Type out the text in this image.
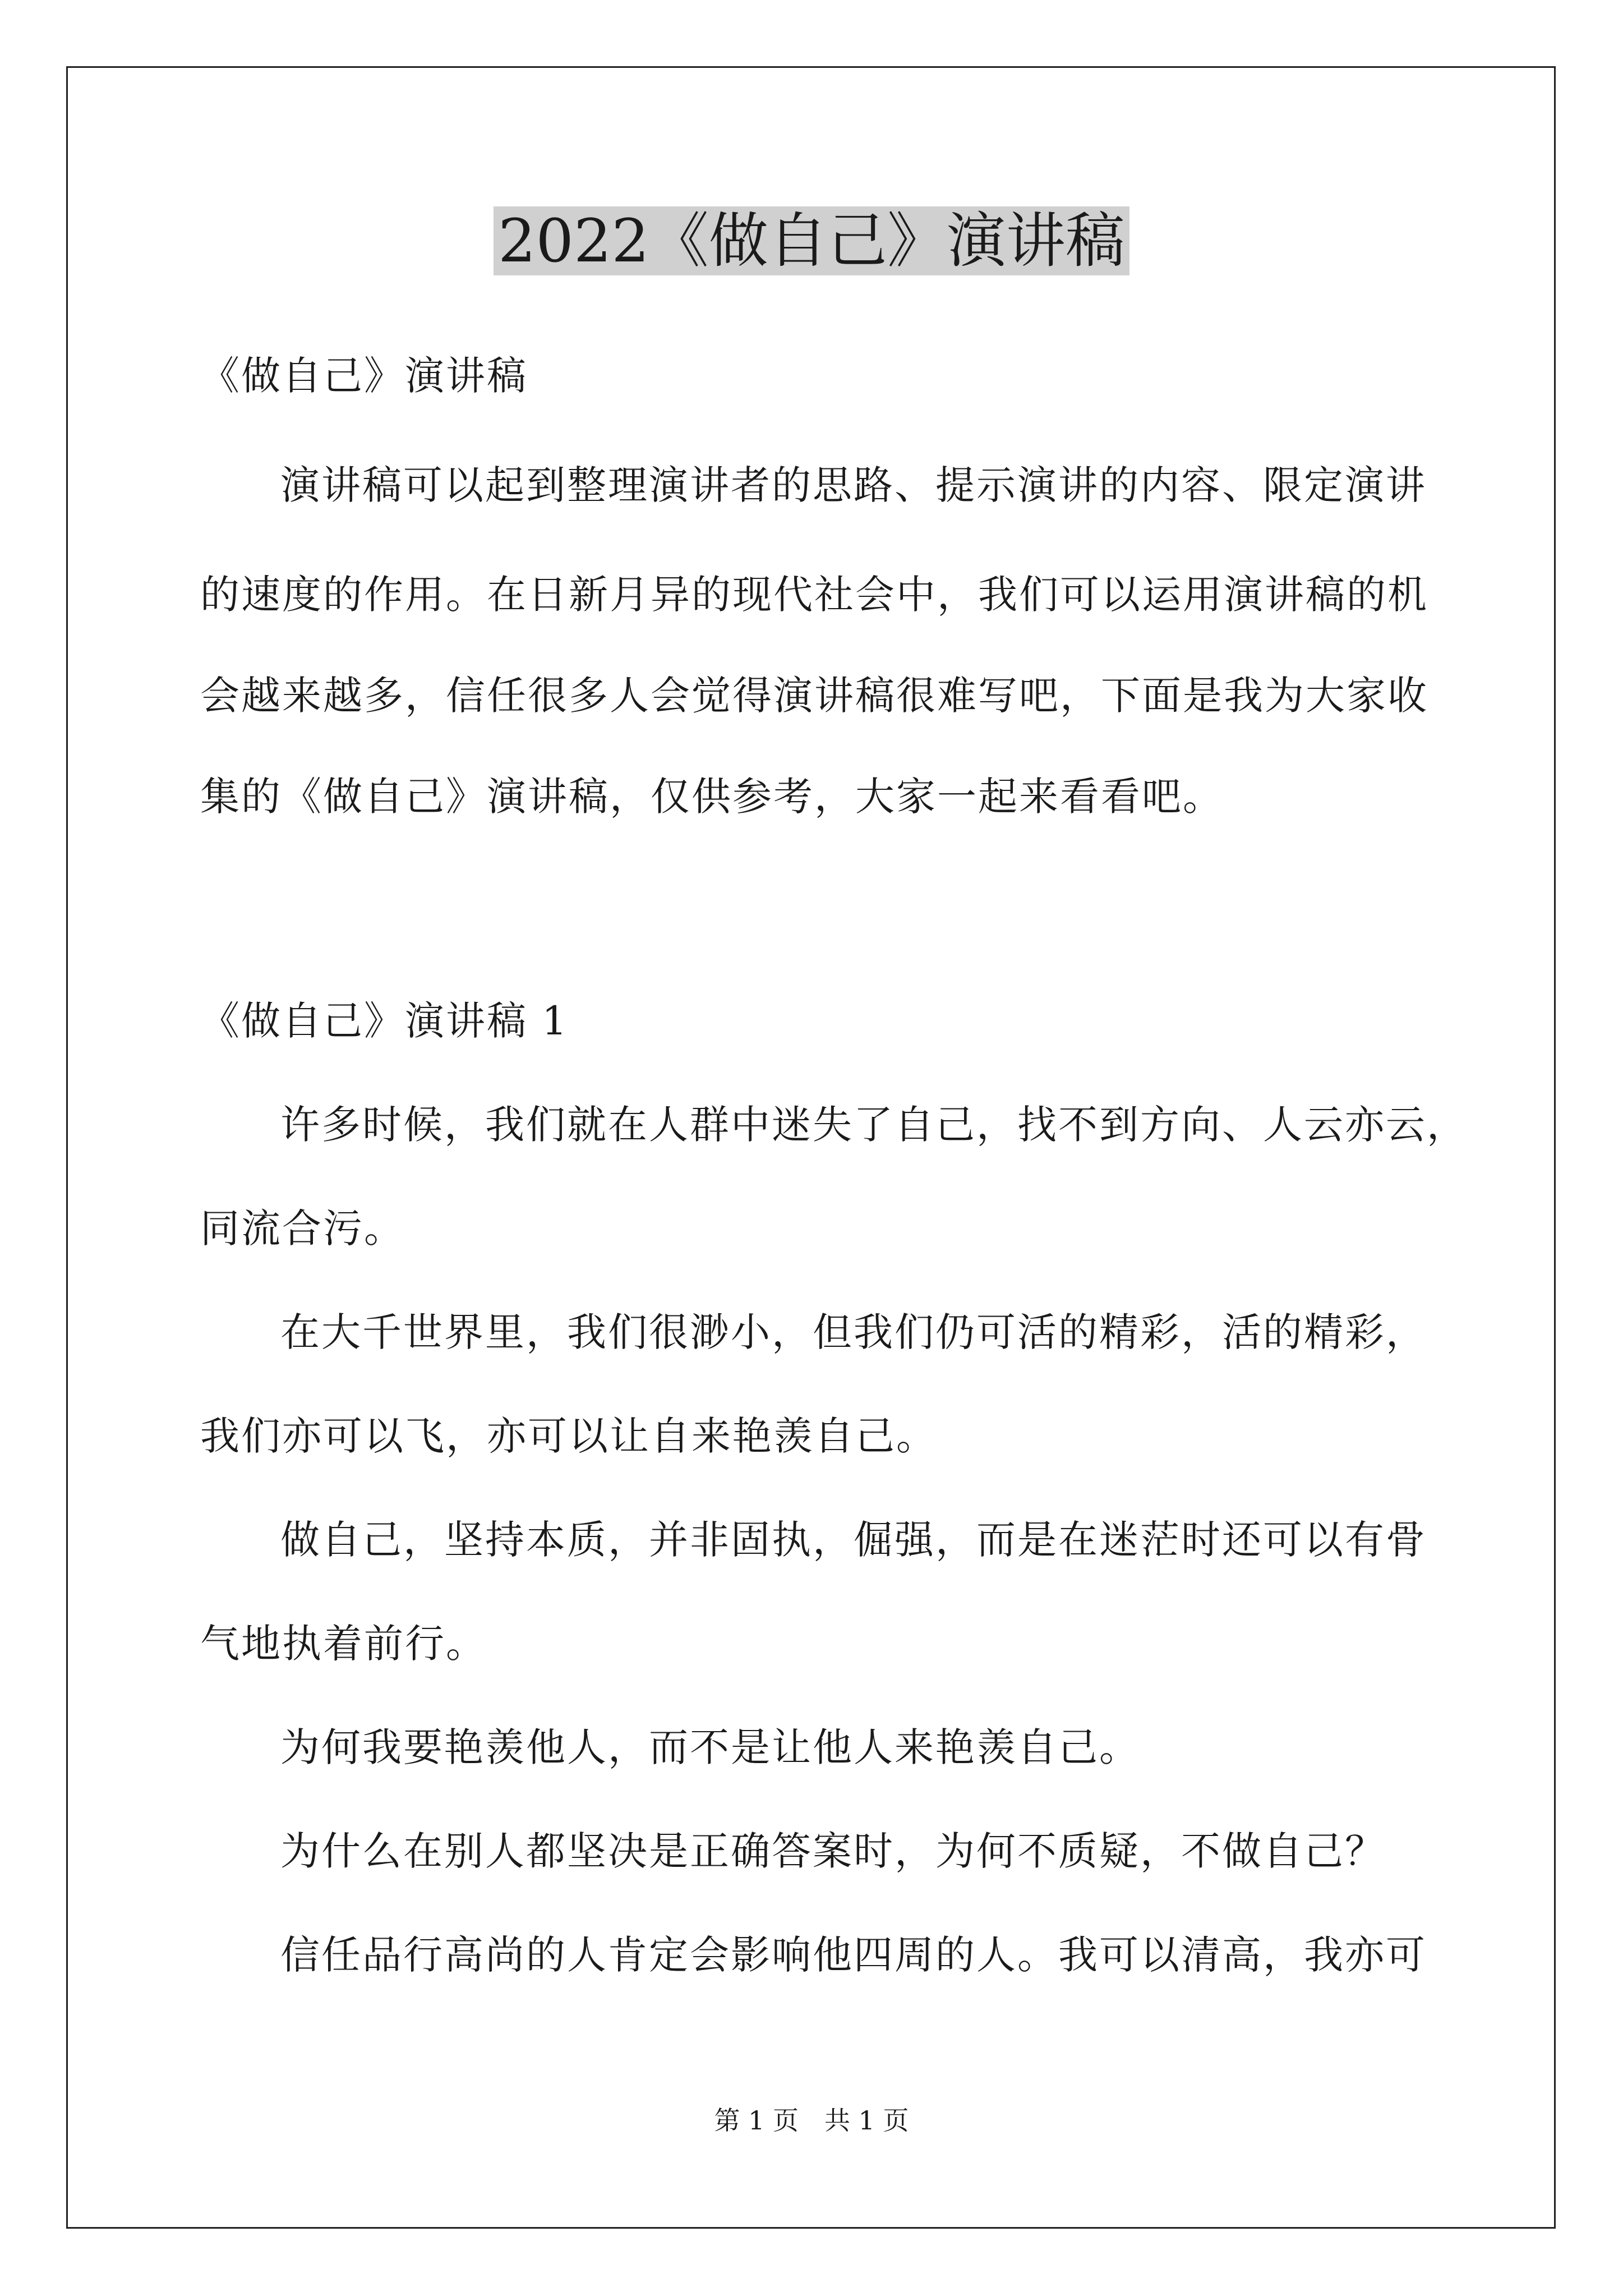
2022《做自己》演讲稿
《做自己》演讲稿
演讲稿可以起到整理演讲者的思路、提示演讲的内容、限定演讲
的速度的作用。在日新月异的现代社会中，我们可以运用演讲稿的机
会越来越多，信任很多人会觉得演讲稿很难写吧，下面是我为大家收
集的《做自己》演讲稿，仅供参考，大家一起来看看吧。
《做自己》演讲稿 1
许多时候，我们就在人群中迷失了自己，找不到方向、人云亦云，
同流合污。
在大千世界里，我们很渺小，但我们仍可活的精彩，活的精彩，
我们亦可以飞，亦可以让自来艳羡自己。
做自己，坚持本质，并非固执，倔强，而是在迷茫时还可以有骨
气地执着前行。
为何我要艳羡他人，而不是让他人来艳羡自己。
为什么在别人都坚决是正确答案时，为何不质疑，不做自己？
信任品行高尚的人肯定会影响他四周的人。我可以清高，我亦可
第 1 页　共 1 页
